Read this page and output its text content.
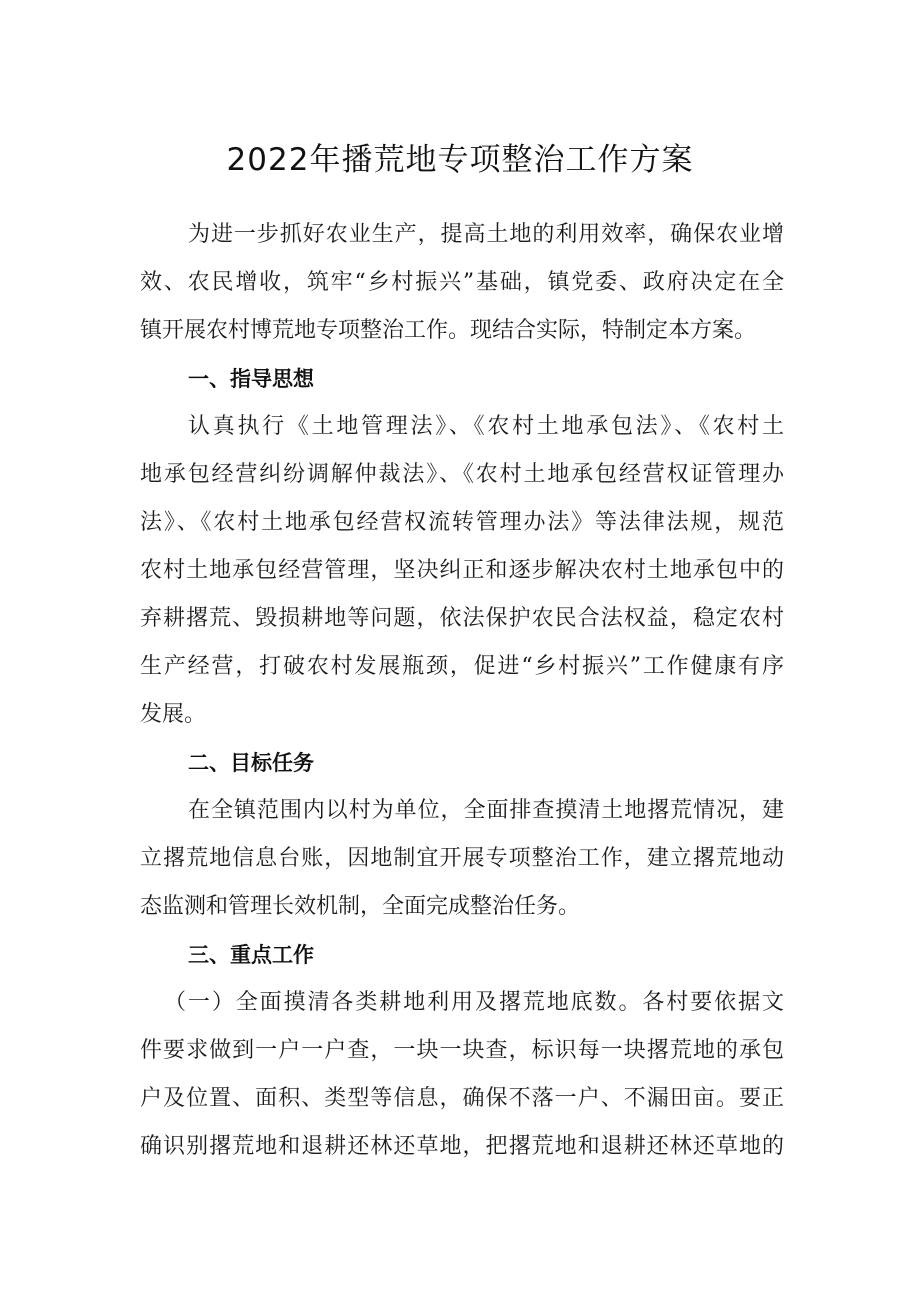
2022年播荒地专项整治工作方案
为进一步抓好农业生产，提高土地的利用效率，确保农业增
效、农民增收，筑牢“乡村振兴”基础，镇党委、政府决定在全
镇开展农村博荒地专项整治工作。现结合实际，特制定本方案。
一、指导思想
认真执行《土地管理法》、《农村土地承包法》、《农村土
地承包经营纠纷调解仲裁法》、《农村土地承包经营权证管理办
法》、《农村土地承包经营权流转管理办法》等法律法规，规范
农村土地承包经营管理，坚决纠正和逐步解决农村土地承包中的
弃耕撂荒、毁损耕地等问题，依法保护农民合法权益，稳定农村
生产经营，打破农村发展瓶颈，促进“乡村振兴”工作健康有序
发展。
二、目标任务
在全镇范围内以村为单位，全面排查摸清土地撂荒情况，建
立撂荒地信息台账，因地制宜开展专项整治工作，建立撂荒地动
态监测和管理长效机制，全面完成整治任务。
三、重点工作
（一）全面摸清各类耕地利用及撂荒地底数。各村要依据文
件要求做到一户一户查，一块一块查，标识每一块撂荒地的承包
户及位置、面积、类型等信息，确保不落一户、不漏田亩。要正
确识别撂荒地和退耕还林还草地，把撂荒地和退耕还林还草地的
